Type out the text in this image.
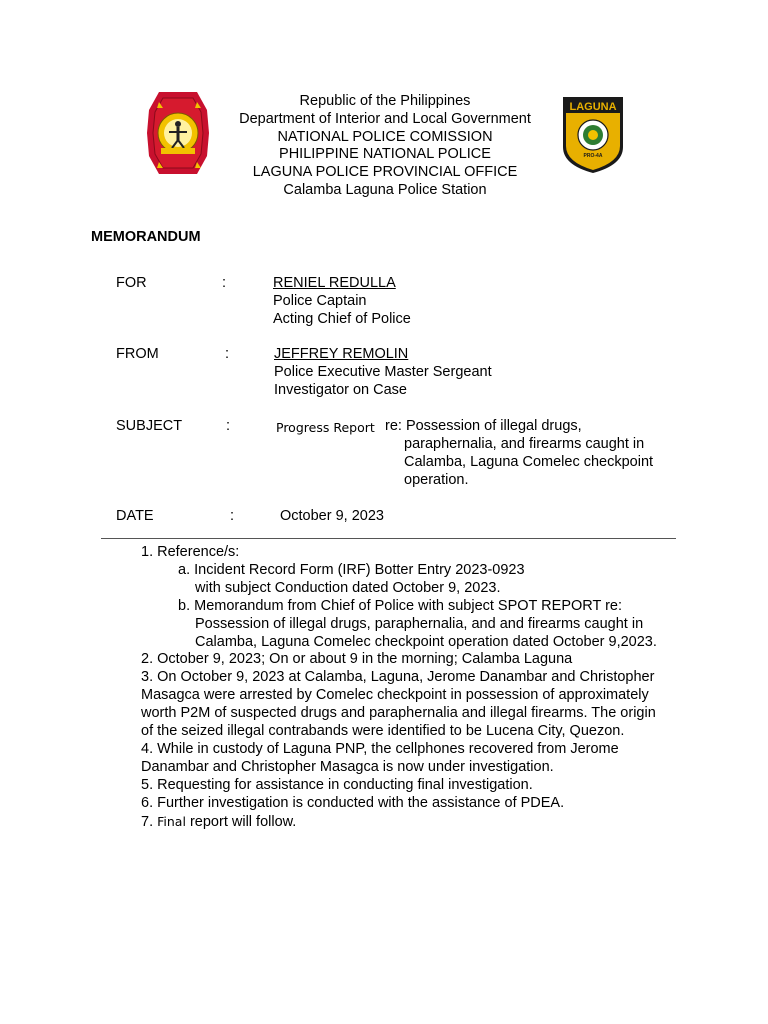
Republic of the Philippines
Department of Interior and Local Government
NATIONAL POLICE COMISSION
PHILIPPINE NATIONAL POLICE
LAGUNA POLICE PROVINCIAL OFFICE
Calamba Laguna Police Station
LAGUNA
PRO-4A
MEMORANDUM
FOR	:	RENIEL REDULLA
Police Captain
Acting Chief of Police
FROM	:	JEFFREY REMOLIN
Police Executive Master Sergeant
Investigator on Case
SUBJECT	:	Progress Report re: Possession of illegal drugs,
paraphernalia, and firearms caught in
Calamba, Laguna Comelec checkpoint
operation.
DATE	:	October 9, 2023
1. Reference/s:
a. Incident Record Form (IRF) Botter Entry 2023-0923
with subject Conduction dated October 9, 2023.
b. Memorandum from Chief of Police with subject SPOT REPORT re:
Possession of illegal drugs, paraphernalia, and and firearms caught in
Calamba, Laguna Comelec checkpoint operation dated October 9,2023.
2. October 9, 2023; On or about 9 in the morning; Calamba Laguna
3. On October 9, 2023 at Calamba, Laguna, Jerome Danambar and Christopher
Masagca were arrested by Comelec checkpoint in possession of approximately
worth P2M of suspected drugs and paraphernalia and illegal firearms. The origin
of the seized illegal contrabands were identified to be Lucena City, Quezon.
4. While in custody of Laguna PNP, the cellphones recovered from Jerome
Danambar and Christopher Masagca is now under investigation.
5. Requesting for assistance in conducting final investigation.
6. Further investigation is conducted with the assistance of PDEA.
7. Final report will follow.
